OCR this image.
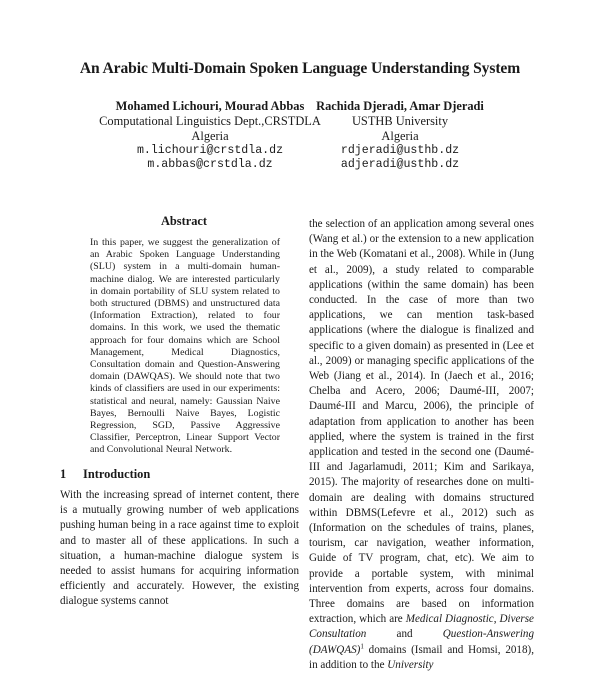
An Arabic Multi-Domain Spoken Language Understanding System
Mohamed Lichouri, Mourad Abbas
Computational Linguistics Dept.,CRSTDLA
Algeria
m.lichouri@crstdla.dz
m.abbas@crstdla.dz
Rachida Djeradi, Amar Djeradi
USTHB University
Algeria
rdjeradi@usthb.dz
adjeradi@usthb.dz
Abstract

In this paper, we suggest the generalization of an Arabic Spoken Language Understanding (SLU) system in a multi-domain human-machine dialog. We are interested particularly in domain portability of SLU system related to both structured (DBMS) and unstructured data (Information Extraction), related to four domains. In this work, we used the thematic approach for four domains which are School Management, Medical Diagnostics, Consultation domain and Question-Answering domain (DAWQAS). We should note that two kinds of classifiers are used in our experiments: statistical and neural, namely: Gaussian Naive Bayes, Bernoulli Naive Bayes, Logistic Regression, SGD, Passive Aggressive Classifier, Perceptron, Linear Support Vector and Convolutional Neural Network.

1 Introduction

With the increasing spread of internet content, there is a mutually growing number of web applications pushing human being in a race against time to exploit and to master all of these applications. In such a situation, a human-machine dialogue system is needed to assist humans for acquiring information efficiently and accurately. However, the existing dialogue systems cannot

the selection of an application among several ones (Wang et al.) or the extension to a new application in the Web (Komatani et al., 2008). While in (Jung et al., 2009), a study related to comparable applications (within the same domain) has been conducted. In the case of more than two applications, we can mention task-based applications (where the dialogue is finalized and specific to a given domain) as presented in (Lee et al., 2009) or managing specific applications of the Web (Jiang et al., 2014). In (Jaech et al., 2016; Chelba and Acero, 2006; Daumé-III, 2007; Daumé-III and Marcu, 2006), the principle of adaptation from application to another has been applied, where the system is trained in the first application and tested in the second one (Daumé-III and Jagarlamudi, 2011; Kim and Sarikaya, 2015). The majority of researches done on multi-domain are dealing with domains structured within DBMS(Lefevre et al., 2012) such as (Information on the schedules of trains, planes, tourism, car navigation, weather information, Guide of TV program, chat, etc). We aim to provide a portable system, with minimal intervention from experts, across four domains. Three domains are based on information extraction, which are Medical Diagnostic, Diverse Consultation and Question-Answering (DAWQAS)$^1$ domains (Ismail and Homsi, 2018), in addition to the University
